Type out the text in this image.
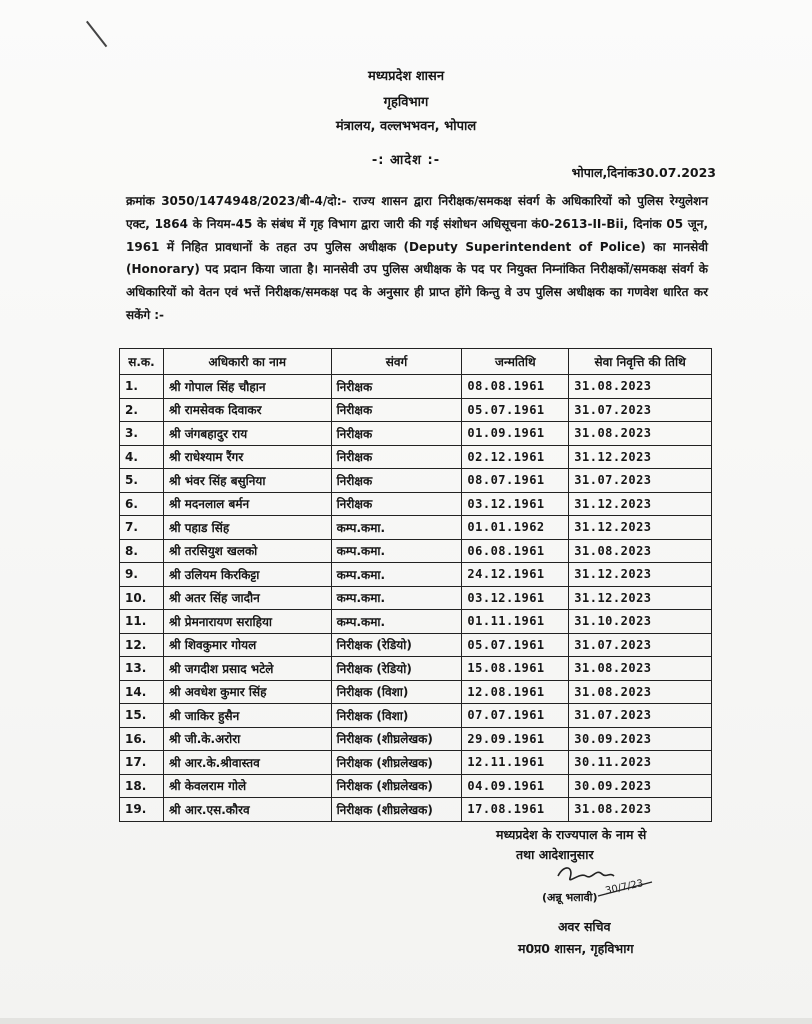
मध्यप्रदेश शासन
गृहविभाग
मंत्रालय, वल्लभभवन, भोपाल
-: आदेश :-
भोपाल,दिनांक30.07.2023
क्रमांक 3050/1474948/2023/बी-4/दो:- राज्य शासन द्वारा निरीक्षक/समकक्ष संवर्ग के अधिकारियों को पुलिस रेग्युलेशन एक्ट, 1864 के नियम-45 के संबंध में गृह विभाग द्वारा जारी की गई संशोधन अधिसूचना कं0-2613-II-Bii, दिनांक 05 जून, 1961 में निहित प्रावधानों के तहत उप पुलिस अधीक्षक (Deputy Superintendent of Police) का मानसेवी (Honorary) पद प्रदान किया जाता है। मानसेवी उप पुलिस अधीक्षक के पद पर नियुक्त निम्नांकित निरीक्षकों/समकक्ष संवर्ग के अधिकारियों को वेतन एवं भत्तें निरीक्षक/समकक्ष पद के अनुसार ही प्राप्त होंगे किन्तु वे उप पुलिस अधीक्षक का गणवेश धारित कर सकेंगे :-
स.क.	अधिकारी का नाम	संवर्ग	जन्मतिथि	सेवा निवृत्ति की तिथि
1.	श्री गोपाल सिंह चौहान	निरीक्षक	08.08.1961	31.08.2023
2.	श्री रामसेवक दिवाकर	निरीक्षक	05.07.1961	31.07.2023
3.	श्री जंगबहादुर राय	निरीक्षक	01.09.1961	31.08.2023
4.	श्री राधेश्याम रैंगर	निरीक्षक	02.12.1961	31.12.2023
5.	श्री भंवर सिंह बसुनिया	निरीक्षक	08.07.1961	31.07.2023
6.	श्री मदनलाल बर्मन	निरीक्षक	03.12.1961	31.12.2023
7.	श्री पहाड सिंह	कम्प.कमा.	01.01.1962	31.12.2023
8.	श्री तरसियुश खलको	कम्प.कमा.	06.08.1961	31.08.2023
9.	श्री उलियम किरकिट्टा	कम्प.कमा.	24.12.1961	31.12.2023
10.	श्री अतर सिंह जादौन	कम्प.कमा.	03.12.1961	31.12.2023
11.	श्री प्रेमनारायण सराहिया	कम्प.कमा.	01.11.1961	31.10.2023
12.	श्री शिवकुमार गोयल	निरीक्षक (रेडियो)	05.07.1961	31.07.2023
13.	श्री जगदीश प्रसाद भटेले	निरीक्षक (रेडियो)	15.08.1961	31.08.2023
14.	श्री अवधेश कुमार सिंह	निरीक्षक (विशा)	12.08.1961	31.08.2023
15.	श्री जाकिर हुसैन	निरीक्षक (विशा)	07.07.1961	31.07.2023
16.	श्री जी.के.अरोरा	निरीक्षक (शीघ्रलेखक)	29.09.1961	30.09.2023
17.	श्री आर.के.श्रीवास्तव	निरीक्षक (शीघ्रलेखक)	12.11.1961	30.11.2023
18.	श्री केवलराम गोले	निरीक्षक (शीघ्रलेखक)	04.09.1961	30.09.2023
19.	श्री आर.एस.कौरव	निरीक्षक (शीघ्रलेखक)	17.08.1961	31.08.2023
मध्यप्रदेश के राज्यपाल के नाम से
तथा आदेशानुसार
30/7/23
(अन्नू भलावी)
अवर सचिव
म0प्र0 शासन, गृहविभाग
